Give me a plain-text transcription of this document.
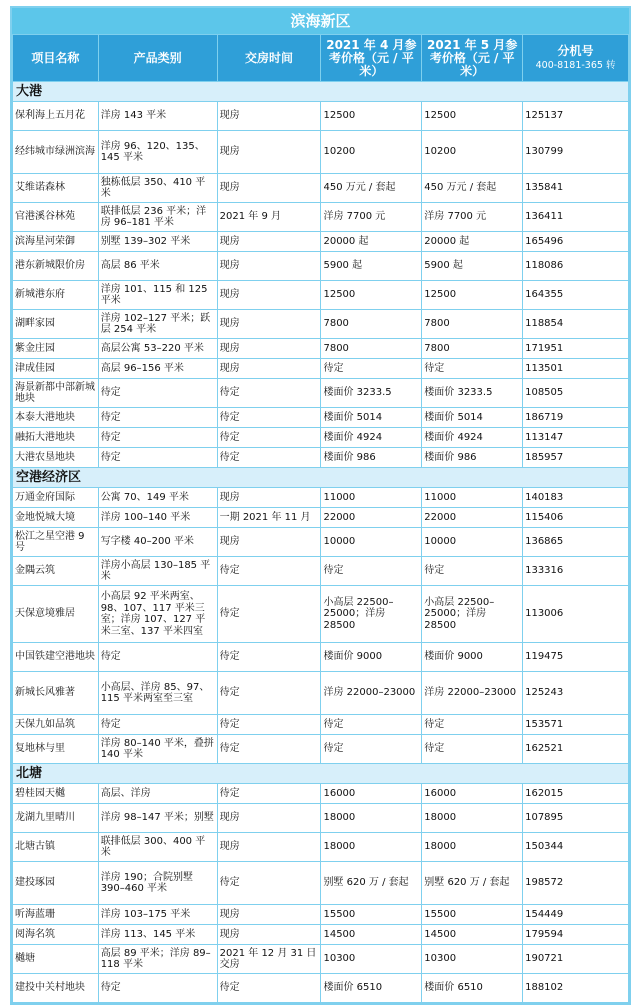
滨海新区
项目名称	产品类别	交房时间	2021 年 4 月参考价格（元 / 平米）	2021 年 5 月参考价格（元 / 平米）	分机号
400-8181-365 转
大港					
保利海上五月花	洋房 143 平米	现房	12500	12500	125137
经纬城市绿洲滨海	洋房 96、120、135、145 平米	现房	10200	10200	130799
艾维诺森林	独栋低层 350、410 平米	现房	450 万元 / 套起	450 万元 / 套起	135841
官港溪谷林苑	联排低层 236 平米；洋房 96–181 平米	2021 年 9 月	洋房 7700 元	洋房 7700 元	136411
滨海星河荣御	别墅 139–302 平米	现房	20000 起	20000 起	165496
港东新城限价房	高层 86 平米	现房	5900 起	5900 起	118086
新城港东府	洋房 101、115 和 125 平米	现房	12500	12500	164355
湖畔家园	洋房 102–127 平米；跃层 254 平米	现房	7800	7800	118854
紫金庄园	高层公寓 53–220 平米	现房	7800	7800	171951
津成佳园	高层 96–156 平米	现房	待定	待定	113501
海景新都中部新城地块	待定	待定	楼面价 3233.5	楼面价 3233.5	108505
本泰大港地块	待定	待定	楼面价 5014	楼面价 5014	186719
融拓大港地块	待定	待定	楼面价 4924	楼面价 4924	113147
大港农垦地块	待定	待定	楼面价 986	楼面价 986	185957
空港经济区					
万通金府国际	公寓 70、149 平米	现房	11000	11000	140183
金地悦城大境	洋房 100–140 平米	一期 2021 年 11 月	22000	22000	115406
松江之星空港 9 号	写字楼 40–200 平米	现房	10000	10000	136865
金隅云筑	洋房小高层 130–185 平米	待定	待定	待定	133316
天保意境雅居	小高层 92 平米两室、98、107、117 平米三室；洋房 107、127 平米三室、137 平米四室	待定	小高层 22500–25000；洋房 28500	小高层 22500–25000；洋房 28500	113006
中国铁建空港地块	待定	待定	楼面价 9000	楼面价 9000	119475
新城长风雅著	小高层、洋房 85、97、115 平米两室至三室	待定	洋房 22000–23000	洋房 22000–23000	125243
天保九如品筑	待定	待定	待定	待定	153571
复地林与里	洋房 80–140 平米，叠拼 140 平米	待定	待定	待定	162521
北塘					
碧桂园天樾	高层、洋房	待定	16000	16000	162015
龙湖九里晴川	洋房 98–147 平米；别墅	现房	18000	18000	107895
北塘古镇	联排低层 300、400 平米	现房	18000	18000	150344
建投琢园	洋房 190；合院别墅 390–460 平米	待定	别墅 620 万 / 套起	别墅 620 万 / 套起	198572
听海蓝珊	洋房 103–175 平米	现房	15500	15500	154449
阅海名筑	洋房 113、145 平米	现房	14500	14500	179594
樾塘	高层 89 平米；洋房 89–118 平米	2021 年 12 月 31 日交房	10300	10300	190721
建投中关村地块	待定	待定	楼面价 6510	楼面价 6510	188102
